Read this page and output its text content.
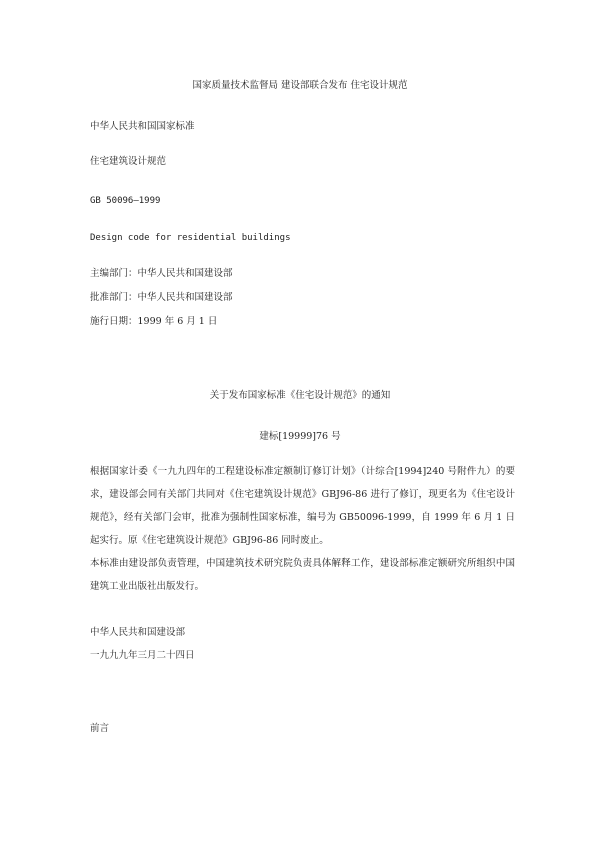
国家质量技术监督局 建设部联合发布 住宅设计规范
中华人民共和国国家标准
住宅建筑设计规范
GB 50096—1999
Design code for residential buildings
主编部门：中华人民共和国建设部
批准部门：中华人民共和国建设部
施行日期：1999 年 6 月 1 日
关于发布国家标准《住宅设计规范》的通知
建标[19999]76 号
根据国家计委《一九九四年的工程建设标准定额制订修订计划》（计综合[1994]240 号附件九）的要求，建设部会同有关部门共同对《住宅建筑设计规范》GBJ96-86 进行了修订，现更名为《住宅设计规范》，经有关部门会审，批准为强制性国家标准，编号为 GB50096-1999，自 1999 年 6 月 1 日起实行。原《住宅建筑设计规范》GBJ96-86 同时废止。
本标准由建设部负责管理，中国建筑技术研究院负责具体解释工作，建设部标准定额研究所组织中国建筑工业出版社出版发行。
中华人民共和国建设部
一九九九年三月二十四日
前言
